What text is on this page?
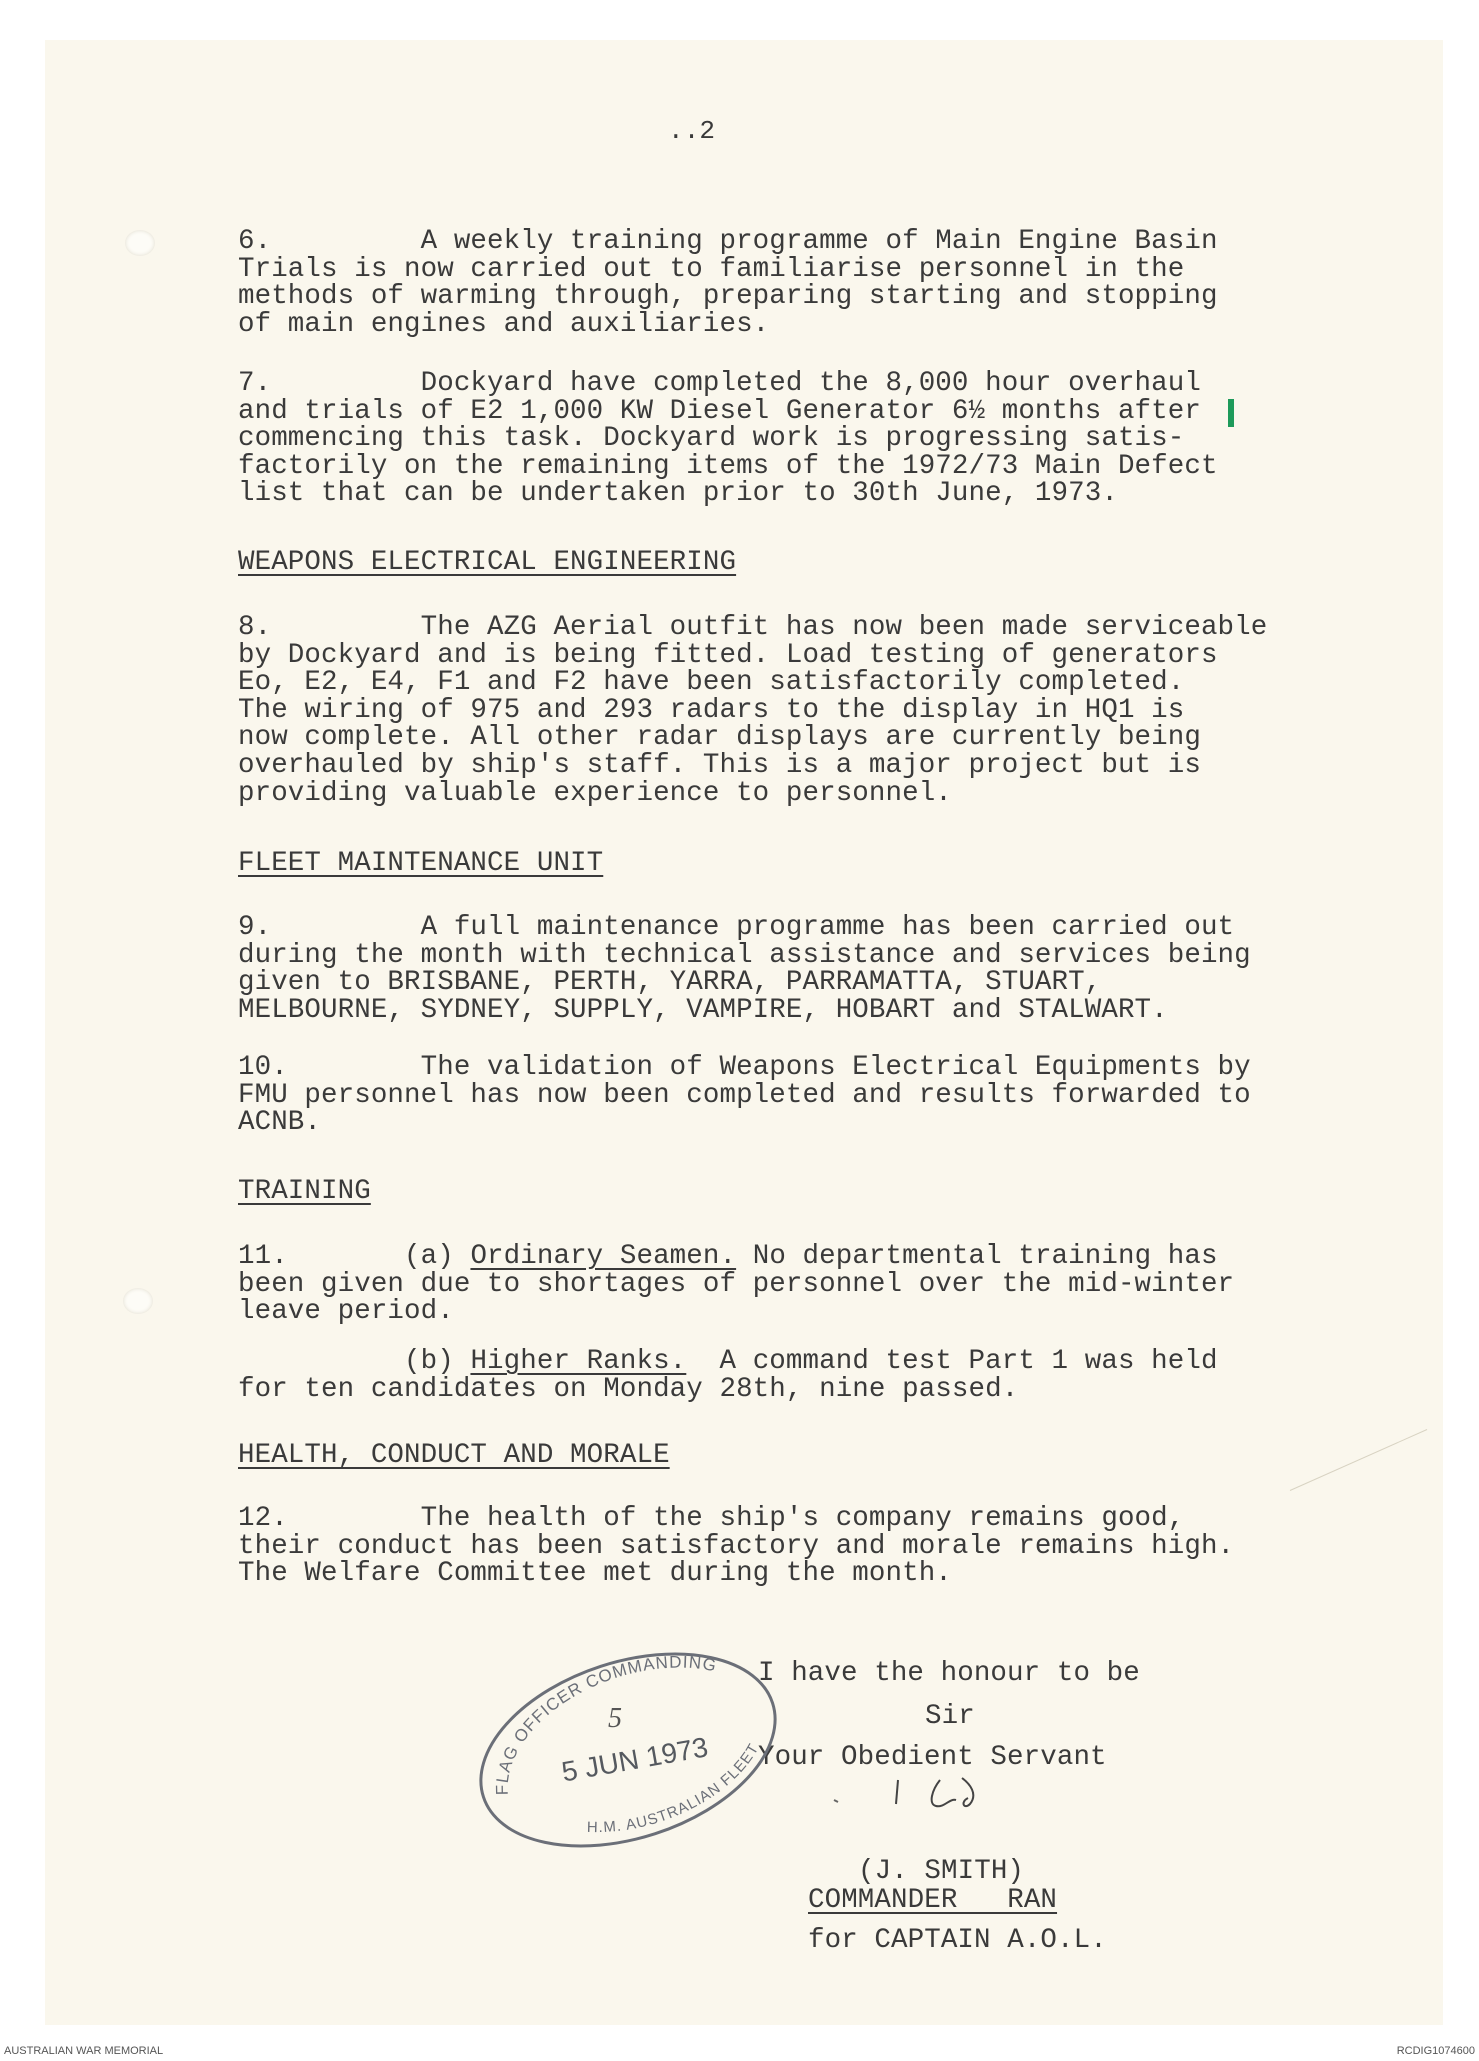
..2
6.         A weekly training programme of Main Engine Basin
Trials is now carried out to familiarise personnel in the
methods of warming through, preparing starting and stopping
of main engines and auxiliaries.
7.         Dockyard have completed the 8,000 hour overhaul
and trials of E2 1,000 KW Diesel Generator 6½ months after
commencing this task. Dockyard work is progressing satis-
factorily on the remaining items of the 1972/73 Main Defect
list that can be undertaken prior to 30th June, 1973.
WEAPONS ELECTRICAL ENGINEERING
8.         The AZG Aerial outfit has now been made serviceable
by Dockyard and is being fitted. Load testing of generators
Eo, E2, E4, F1 and F2 have been satisfactorily completed.
The wiring of 975 and 293 radars to the display in HQ1 is
now complete. All other radar displays are currently being
overhauled by ship's staff. This is a major project but is
providing valuable experience to personnel.
FLEET MAINTENANCE UNIT
9.         A full maintenance programme has been carried out
during the month with technical assistance and services being
given to BRISBANE, PERTH, YARRA, PARRAMATTA, STUART,
MELBOURNE, SYDNEY, SUPPLY, VAMPIRE, HOBART and STALWART.
10.        The validation of Weapons Electrical Equipments by
FMU personnel has now been completed and results forwarded to
ACNB.
TRAINING
11.	(a) Ordinary Seamen. No departmental training has
been given due to shortages of personnel over the mid-winter
leave period.
(b) Higher Ranks.  A command test Part 1 was held
for ten candidates on Monday 28th, nine passed.
HEALTH, CONDUCT AND MORALE
12.        The health of the ship's company remains good,
their conduct has been satisfactory and morale remains high.
The Welfare Committee met during the month.
I have the honour to be
Sir
Your Obedient Servant
(J. SMITH)
COMMANDER   RAN
for CAPTAIN A.O.L.
FLAG OFFICER COMMANDING
H.M. AUSTRALIAN FLEET
5 JUN 1973
5
AUSTRALIAN WAR MEMORIAL	RCDIG1074600
